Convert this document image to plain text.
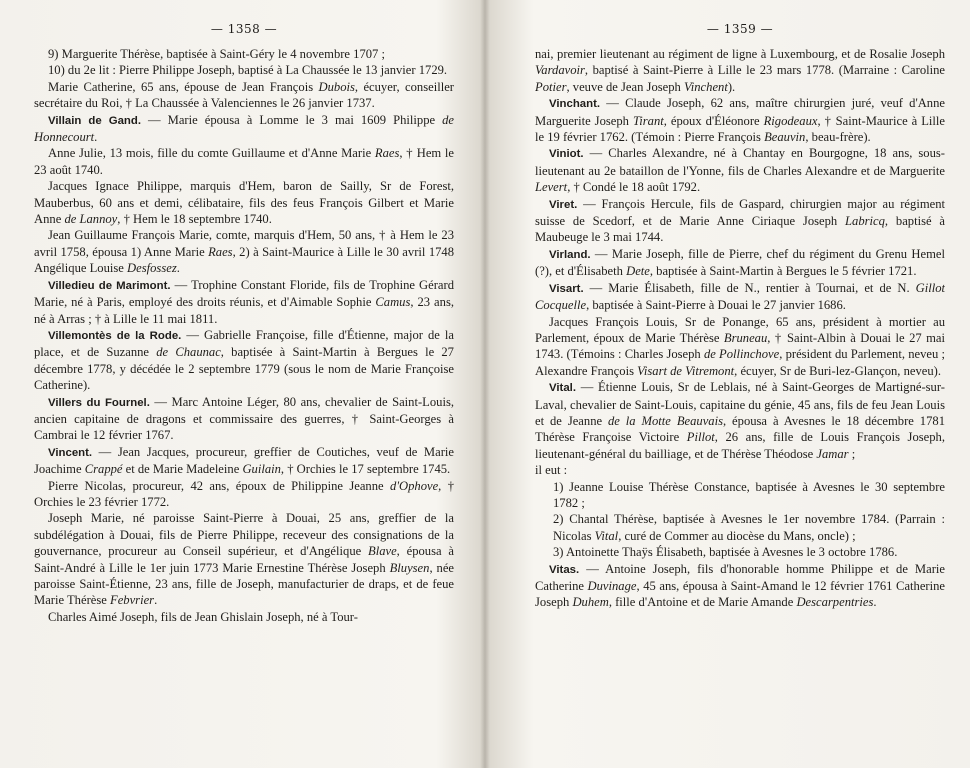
— 1358 —

9) Marguerite Thérèse, baptisée à Saint-Géry le 4 novembre 1707 ;

10) du 2e lit : Pierre Philippe Joseph, baptisé à La Chaussée le 13 janvier 1729.

Marie Catherine, 65 ans, épouse de Jean François Dubois, écuyer, conseiller secrétaire du Roi, † La Chaussée à Valenciennes le 26 janvier 1737.

Villain de Gand. — Marie épousa à Lomme le 3 mai 1609 Philippe de Honnecourt.

Anne Julie, 13 mois, fille du comte Guillaume et d'Anne Marie Raes, † Hem le 23 août 1740.

Jacques Ignace Philippe, marquis d'Hem, baron de Sailly, Sr de Forest, Mauberbus, 60 ans et demi, célibataire, fils des feus François Gilbert et Marie Anne de Lannoy, † Hem le 18 septembre 1740.

Jean Guillaume François Marie, comte, marquis d'Hem, 50 ans, † à Hem le 23 avril 1758, épousa 1) Anne Marie Raes, 2) à Saint-Maurice à Lille le 30 avril 1748 Angélique Louise Desfossez.

Villedieu de Marimont. — Trophine Constant Floride, fils de Trophine Gérard Marie, né à Paris, employé des droits réunis, et d'Aimable Sophie Camus, 23 ans, né à Arras ; † à Lille le 11 mai 1811.

Villemontès de la Rode. — Gabrielle Françoise, fille d'Étienne, major de la place, et de Suzanne de Chaunac, baptisée à Saint-Martin à Bergues le 27 décembre 1778, y décédée le 2 septembre 1779 (sous le nom de Marie Françoise Catherine).

Villers du Fournel. — Marc Antoine Léger, 80 ans, chevalier de Saint-Louis, ancien capitaine de dragons et commissaire des guerres, † Saint-Georges à Cambrai le 12 février 1767.

Vincent. — Jean Jacques, procureur, greffier de Coutiches, veuf de Marie Joachime Crappé et de Marie Madeleine Guilain, † Orchies le 17 septembre 1745.

Pierre Nicolas, procureur, 42 ans, époux de Philippine Jeanne d'Ophove, † Orchies le 23 février 1772.

Joseph Marie, né paroisse Saint-Pierre à Douai, 25 ans, greffier de la subdélégation à Douai, fils de Pierre Philippe, receveur des consignations de la gouvernance, procureur au Conseil supérieur, et d'Angélique Blave, épousa à Saint-André à Lille le 1er juin 1773 Marie Ernestine Thérèse Joseph Bluysen, née paroisse Saint-Étienne, 23 ans, fille de Joseph, manufacturier de draps, et de feue Marie Thérèse Febvrier.

Charles Aimé Joseph, fils de Jean Ghislain Joseph, né à Tour-

— 1359 —

nai, premier lieutenant au régiment de ligne à Luxembourg, et de Rosalie Joseph Vardavoir, baptisé à Saint-Pierre à Lille le 23 mars 1778. (Marraine : Caroline Potier, veuve de Jean Joseph Vinchent).

Vinchant. — Claude Joseph, 62 ans, maître chirurgien juré, veuf d'Anne Marguerite Joseph Tirant, époux d'Éléonore Rigodeaux, † Saint-Maurice à Lille le 19 février 1762. (Témoin : Pierre François Beauvin, beau-frère).

Viniot. — Charles Alexandre, né à Chantay en Bourgogne, 18 ans, sous-lieutenant au 2e bataillon de l'Yonne, fils de Charles Alexandre et de Marguerite Levert, † Condé le 18 août 1792.

Viret. — François Hercule, fils de Gaspard, chirurgien major au régiment suisse de Scedorf, et de Marie Anne Ciriaque Joseph Labricq, baptisé à Maubeuge le 3 mai 1744.

Virland. — Marie Joseph, fille de Pierre, chef du régiment du Grenu Hemel (?), et d'Élisabeth Dete, baptisée à Saint-Martin à Bergues le 5 février 1721.

Visart. — Marie Élisabeth, fille de N., rentier à Tournai, et de N. Gillot Cocquelle, baptisée à Saint-Pierre à Douai le 27 janvier 1686.

Jacques François Louis, Sr de Ponange, 65 ans, président à mortier au Parlement, époux de Marie Thérèse Bruneau, † Saint-Albin à Douai le 27 mai 1743. (Témoins : Charles Joseph de Pollinchove, président du Parlement, neveu ; Alexandre François Visart de Vitremont, écuyer, Sr de Buri-lez-Glançon, neveu).

Vital. — Étienne Louis, Sr de Leblais, né à Saint-Georges de Martigné-sur-Laval, chevalier de Saint-Louis, capitaine du génie, 45 ans, fils de feu Jean Louis et de Jeanne de la Motte Beauvais, épousa à Avesnes le 18 décembre 1781 Thérèse Françoise Victoire Pillot, 26 ans, fille de Louis François Joseph, lieutenant-général du bailliage, et de Thérèse Théodose Jamar ;

il eut :

1) Jeanne Louise Thérèse Constance, baptisée à Avesnes le 30 septembre 1782 ;

2) Chantal Thérèse, baptisée à Avesnes le 1er novembre 1784. (Parrain : Nicolas Vital, curé de Commer au diocèse du Mans, oncle) ;

3) Antoinette Thaÿs Élisabeth, baptisée à Avesnes le 3 octobre 1786.

Vitas. — Antoine Joseph, fils d'honorable homme Philippe et de Marie Catherine Duvinage, 45 ans, épousa à Saint-Amand le 12 février 1761 Catherine Joseph Duhem, fille d'Antoine et de Marie Amande Descarpentries.
